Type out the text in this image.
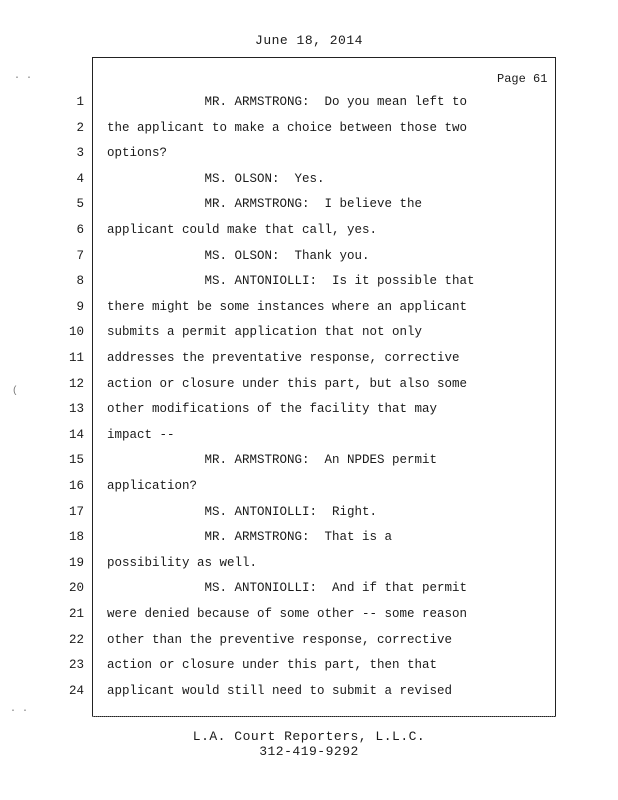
June 18, 2014
Page 61
1 MR. ARMSTRONG:  Do you mean left to
2 the applicant to make a choice between those two
3 options?
4 MS. OLSON:  Yes.
5 MR. ARMSTRONG:  I believe the
6 applicant could make that call, yes.
7 MS. OLSON:  Thank you.
8 MS. ANTONIOLLI:  Is it possible that
9 there might be some instances where an applicant
10 submits a permit application that not only
11 addresses the preventative response, corrective
12 action or closure under this part, but also some
13 other modifications of the facility that may
14 impact --
15 MR. ARMSTRONG:  An NPDES permit
16 application?
17 MS. ANTONIOLLI:  Right.
18 MR. ARMSTRONG:  That is a
19 possibility as well.
20 MS. ANTONIOLLI:  And if that permit
21 were denied because of some other -- some reason
22 other than the preventive response, corrective
23 action or closure under this part, then that
24 applicant would still need to submit a revised
L.A. Court Reporters, L.L.C.
312-419-9292
· ·
(
· ·
